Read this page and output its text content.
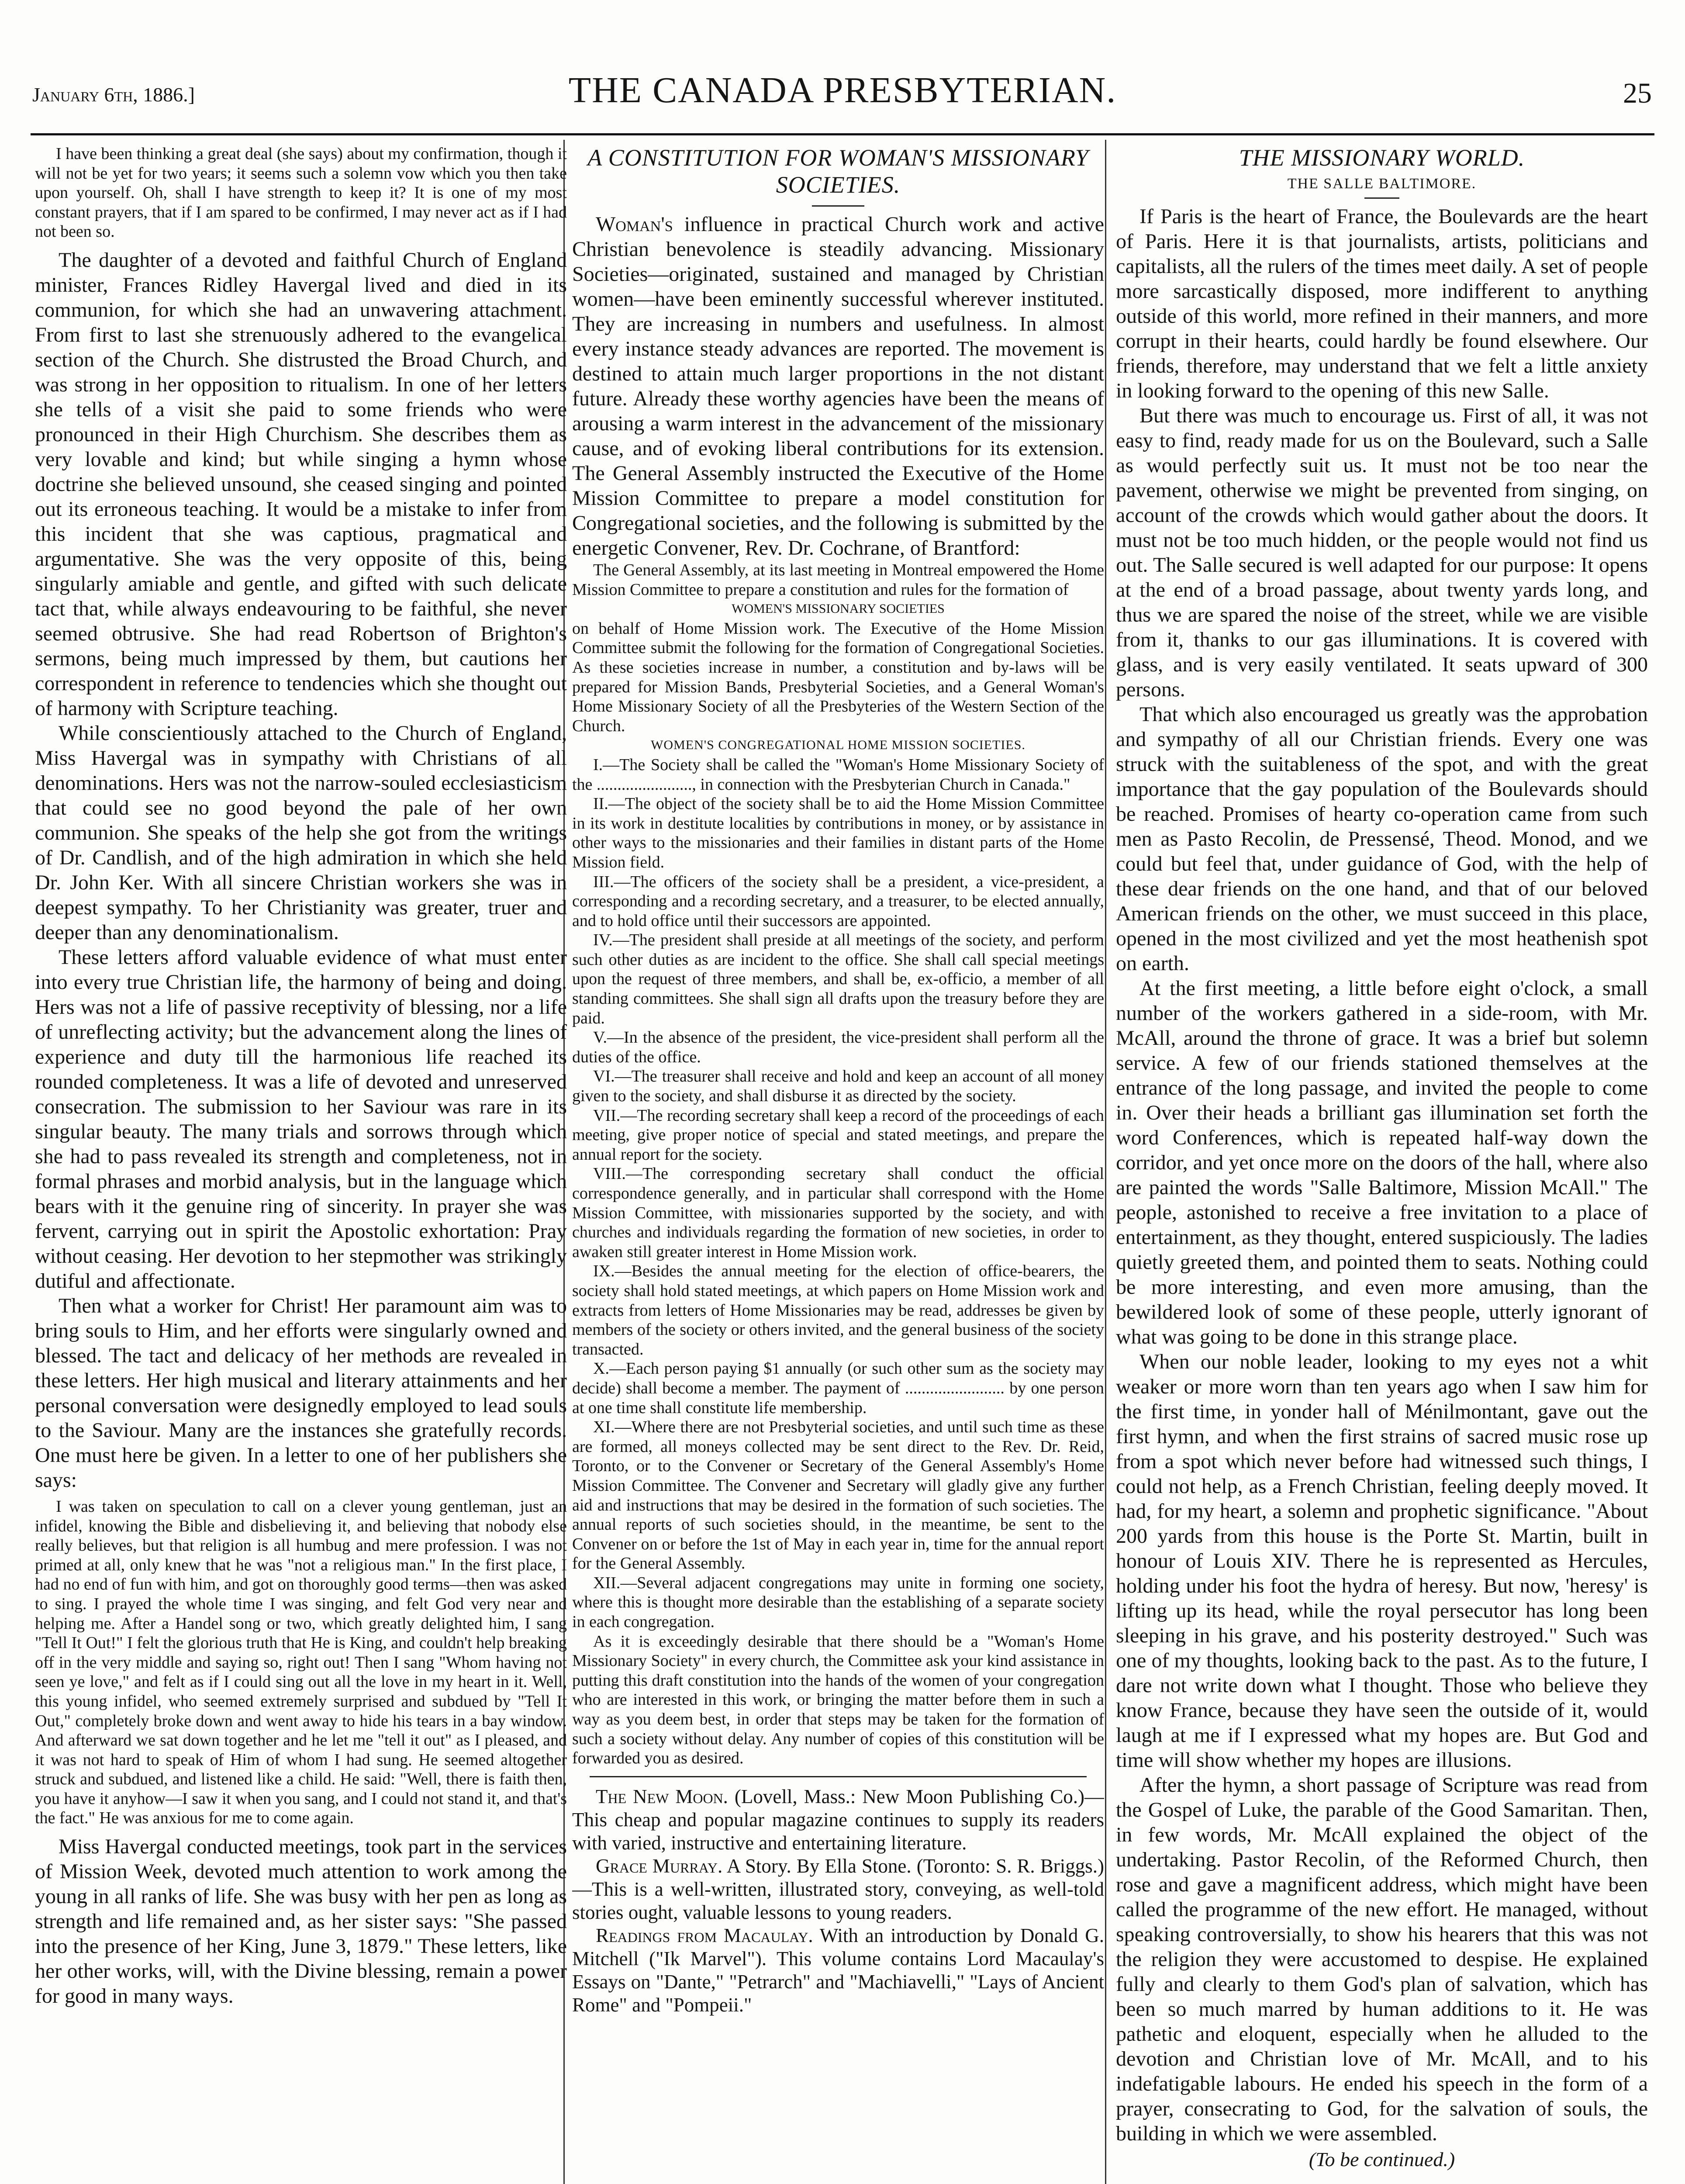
January 6th, 1886.]	THE CANADA PRESBYTERIAN.	25

I have been thinking a great deal (she says) about my confirmation, though it will not be yet for two years; it seems such a solemn vow which you then take upon yourself. Oh, shall I have strength to keep it? It is one of my most constant prayers, that if I am spared to be confirmed, I may never act as if I had not been so.

The daughter of a devoted and faithful Church of England minister, Frances Ridley Havergal lived and died in its communion, for which she had an unwavering attachment. From first to last she strenuously adhered to the evangelical section of the Church. She distrusted the Broad Church, and was strong in her opposition to ritualism. In one of her letters she tells of a visit she paid to some friends who were pronounced in their High Churchism. She describes them as very lovable and kind; but while singing a hymn whose doctrine she believed unsound, she ceased singing and pointed out its erroneous teaching. It would be a mistake to infer from this incident that she was captious, pragmatical and argumentative. She was the very opposite of this, being singularly amiable and gentle, and gifted with such delicate tact that, while always endeavouring to be faithful, she never seemed obtrusive. She had read Robertson of Brighton's sermons, being much impressed by them, but cautions her correspondent in reference to tendencies which she thought out of harmony with Scripture teaching.

While conscientiously attached to the Church of England, Miss Havergal was in sympathy with Christians of all denominations. Hers was not the narrow-souled ecclesiasticism that could see no good beyond the pale of her own communion. She speaks of the help she got from the writings of Dr. Candlish, and of the high admiration in which she held Dr. John Ker. With all sincere Christian workers she was in deepest sympathy. To her Christianity was greater, truer and deeper than any denominationalism.

These letters afford valuable evidence of what must enter into every true Christian life, the harmony of being and doing. Hers was not a life of passive receptivity of blessing, nor a life of unreflecting activity; but the advancement along the lines of experience and duty till the harmonious life reached its rounded completeness. It was a life of devoted and unreserved consecration. The submission to her Saviour was rare in its singular beauty. The many trials and sorrows through which she had to pass revealed its strength and completeness, not in formal phrases and morbid analysis, but in the language which bears with it the genuine ring of sincerity. In prayer she was fervent, carrying out in spirit the Apostolic exhortation: Pray without ceasing. Her devotion to her stepmother was strikingly dutiful and affectionate.

Then what a worker for Christ! Her paramount aim was to bring souls to Him, and her efforts were singularly owned and blessed. The tact and delicacy of her methods are revealed in these letters. Her high musical and literary attainments and her personal conversation were designedly employed to lead souls to the Saviour. Many are the instances she gratefully records. One must here be given. In a letter to one of her publishers she says:

I was taken on speculation to call on a clever young gentleman, just an infidel, knowing the Bible and disbelieving it, and believing that nobody else really believes, but that religion is all humbug and mere profession. I was not primed at all, only knew that he was "not a religious man." In the first place, I had no end of fun with him, and got on thoroughly good terms—then was asked to sing. I prayed the whole time I was singing, and felt God very near and helping me. After a Handel song or two, which greatly delighted him, I sang "Tell It Out!" I felt the glorious truth that He is King, and couldn't help breaking off in the very middle and saying so, right out! Then I sang "Whom having not seen ye love," and felt as if I could sing out all the love in my heart in it. Well, this young infidel, who seemed extremely surprised and subdued by "Tell It Out," completely broke down and went away to hide his tears in a bay window. And afterward we sat down together and he let me "tell it out" as I pleased, and it was not hard to speak of Him of whom I had sung. He seemed altogether struck and subdued, and listened like a child. He said: "Well, there is faith then, you have it anyhow—I saw it when you sang, and I could not stand it, and that's the fact." He was anxious for me to come again.

Miss Havergal conducted meetings, took part in the services of Mission Week, devoted much attention to work among the young in all ranks of life. She was busy with her pen as long as strength and life remained and, as her sister says: "She passed into the presence of her King, June 3, 1879." These letters, like her other works, will, with the Divine blessing, remain a power for good in many ways.

A CONSTITUTION FOR WOMAN'S MISSIONARY SOCIETIES.

Woman's influence in practical Church work and active Christian benevolence is steadily advancing. Missionary Societies—originated, sustained and managed by Christian women—have been eminently successful wherever instituted. They are increasing in numbers and usefulness. In almost every instance steady advances are reported. The movement is destined to attain much larger proportions in the not distant future. Already these worthy agencies have been the means of arousing a warm interest in the advancement of the missionary cause, and of evoking liberal contributions for its extension. The General Assembly instructed the Executive of the Home Mission Committee to prepare a model constitution for Congregational societies, and the following is submitted by the energetic Convener, Rev. Dr. Cochrane, of Brantford:

The General Assembly, at its last meeting in Montreal empowered the Home Mission Committee to prepare a constitution and rules for the formation of

WOMEN'S MISSIONARY SOCIETIES

on behalf of Home Mission work. The Executive of the Home Mission Committee submit the following for the formation of Congregational Societies. As these societies increase in number, a constitution and by-laws will be prepared for Mission Bands, Presbyterial Societies, and a General Woman's Home Missionary Society of all the Presbyteries of the Western Section of the Church.

WOMEN'S CONGREGATIONAL HOME MISSION SOCIETIES.

I.—The Society shall be called the "Woman's Home Missionary Society of the ......................., in connection with the Presbyterian Church in Canada."

II.—The object of the society shall be to aid the Home Mission Committee in its work in destitute localities by contributions in money, or by assistance in other ways to the missionaries and their families in distant parts of the Home Mission field.

III.—The officers of the society shall be a president, a vice-president, a corresponding and a recording secretary, and a treasurer, to be elected annually, and to hold office until their successors are appointed.

IV.—The president shall preside at all meetings of the society, and perform such other duties as are incident to the office. She shall call special meetings upon the request of three members, and shall be, ex-officio, a member of all standing committees. She shall sign all drafts upon the treasury before they are paid.

V.—In the absence of the president, the vice-president shall perform all the duties of the office.

VI.—The treasurer shall receive and hold and keep an account of all money given to the society, and shall disburse it as directed by the society.

VII.—The recording secretary shall keep a record of the proceedings of each meeting, give proper notice of special and stated meetings, and prepare the annual report for the society.

VIII.—The corresponding secretary shall conduct the official correspondence generally, and in particular shall correspond with the Home Mission Committee, with missionaries supported by the society, and with churches and individuals regarding the formation of new societies, in order to awaken still greater interest in Home Mission work.

IX.—Besides the annual meeting for the election of office-bearers, the society shall hold stated meetings, at which papers on Home Mission work and extracts from letters of Home Missionaries may be read, addresses be given by members of the society or others invited, and the general business of the society transacted.

X.—Each person paying $1 annually (or such other sum as the society may decide) shall become a member. The payment of ........................ by one person at one time shall constitute life membership.

XI.—Where there are not Presbyterial societies, and until such time as these are formed, all moneys collected may be sent direct to the Rev. Dr. Reid, Toronto, or to the Convener or Secretary of the General Assembly's Home Mission Committee. The Convener and Secretary will gladly give any further aid and instructions that may be desired in the formation of such societies. The annual reports of such societies should, in the meantime, be sent to the Convener on or before the 1st of May in each year in, time for the annual report for the General Assembly.

XII.—Several adjacent congregations may unite in forming one society, where this is thought more desirable than the establishing of a separate society in each congregation.

As it is exceedingly desirable that there should be a "Woman's Home Missionary Society" in every church, the Committee ask your kind assistance in putting this draft constitution into the hands of the women of your congregation who are interested in this work, or bringing the matter before them in such a way as you deem best, in order that steps may be taken for the formation of such a society without delay. Any number of copies of this constitution will be forwarded you as desired.

The New Moon. (Lovell, Mass.: New Moon Publishing Co.)—This cheap and popular magazine continues to supply its readers with varied, instructive and entertaining literature.

Grace Murray. A Story. By Ella Stone. (Toronto: S. R. Briggs.)—This is a well-written, illustrated story, conveying, as well-told stories ought, valuable lessons to young readers.

Readings from Macaulay. With an introduction by Donald G. Mitchell ("Ik Marvel"). This volume contains Lord Macaulay's Essays on "Dante," "Petrarch" and "Machiavelli," "Lays of Ancient Rome" and "Pompeii."

THE MISSIONARY WORLD.
THE SALLE BALTIMORE.

If Paris is the heart of France, the Boulevards are the heart of Paris. Here it is that journalists, artists, politicians and capitalists, all the rulers of the times meet daily. A set of people more sarcastically disposed, more indifferent to anything outside of this world, more refined in their manners, and more corrupt in their hearts, could hardly be found elsewhere. Our friends, therefore, may understand that we felt a little anxiety in looking forward to the opening of this new Salle.

But there was much to encourage us. First of all, it was not easy to find, ready made for us on the Boulevard, such a Salle as would perfectly suit us. It must not be too near the pavement, otherwise we might be prevented from singing, on account of the crowds which would gather about the doors. It must not be too much hidden, or the people would not find us out. The Salle secured is well adapted for our purpose: It opens at the end of a broad passage, about twenty yards long, and thus we are spared the noise of the street, while we are visible from it, thanks to our gas illuminations. It is covered with glass, and is very easily ventilated. It seats upward of 300 persons.

That which also encouraged us greatly was the approbation and sympathy of all our Christian friends. Every one was struck with the suitableness of the spot, and with the great importance that the gay population of the Boulevards should be reached. Promises of hearty co-operation came from such men as Pasto Recolin, de Pressensé, Theod. Monod, and we could but feel that, under guidance of God, with the help of these dear friends on the one hand, and that of our beloved American friends on the other, we must succeed in this place, opened in the most civilized and yet the most heathenish spot on earth.

At the first meeting, a little before eight o'clock, a small number of the workers gathered in a side-room, with Mr. McAll, around the throne of grace. It was a brief but solemn service. A few of our friends stationed themselves at the entrance of the long passage, and invited the people to come in. Over their heads a brilliant gas illumination set forth the word Conferences, which is repeated half-way down the corridor, and yet once more on the doors of the hall, where also are painted the words "Salle Baltimore, Mission McAll." The people, astonished to receive a free invitation to a place of entertainment, as they thought, entered suspiciously. The ladies quietly greeted them, and pointed them to seats. Nothing could be more interesting, and even more amusing, than the bewildered look of some of these people, utterly ignorant of what was going to be done in this strange place.

When our noble leader, looking to my eyes not a whit weaker or more worn than ten years ago when I saw him for the first time, in yonder hall of Ménilmontant, gave out the first hymn, and when the first strains of sacred music rose up from a spot which never before had witnessed such things, I could not help, as a French Christian, feeling deeply moved. It had, for my heart, a solemn and prophetic significance. "About 200 yards from this house is the Porte St. Martin, built in honour of Louis XIV. There he is represented as Hercules, holding under his foot the hydra of heresy. But now, 'heresy' is lifting up its head, while the royal persecutor has long been sleeping in his grave, and his posterity destroyed." Such was one of my thoughts, looking back to the past. As to the future, I dare not write down what I thought. Those who believe they know France, because they have seen the outside of it, would laugh at me if I expressed what my hopes are. But God and time will show whether my hopes are illusions.

After the hymn, a short passage of Scripture was read from the Gospel of Luke, the parable of the Good Samaritan. Then, in few words, Mr. McAll explained the object of the undertaking. Pastor Recolin, of the Reformed Church, then rose and gave a magnificent address, which might have been called the programme of the new effort. He managed, without speaking controversially, to show his hearers that this was not the religion they were accustomed to despise. He explained fully and clearly to them God's plan of salvation, which has been so much marred by human additions to it. He was pathetic and eloquent, especially when he alluded to the devotion and Christian love of Mr. McAll, and to his indefatigable labours. He ended his speech in the form of a prayer, consecrating to God, for the salvation of souls, the building in which we were assembled.

(To be continued.)
